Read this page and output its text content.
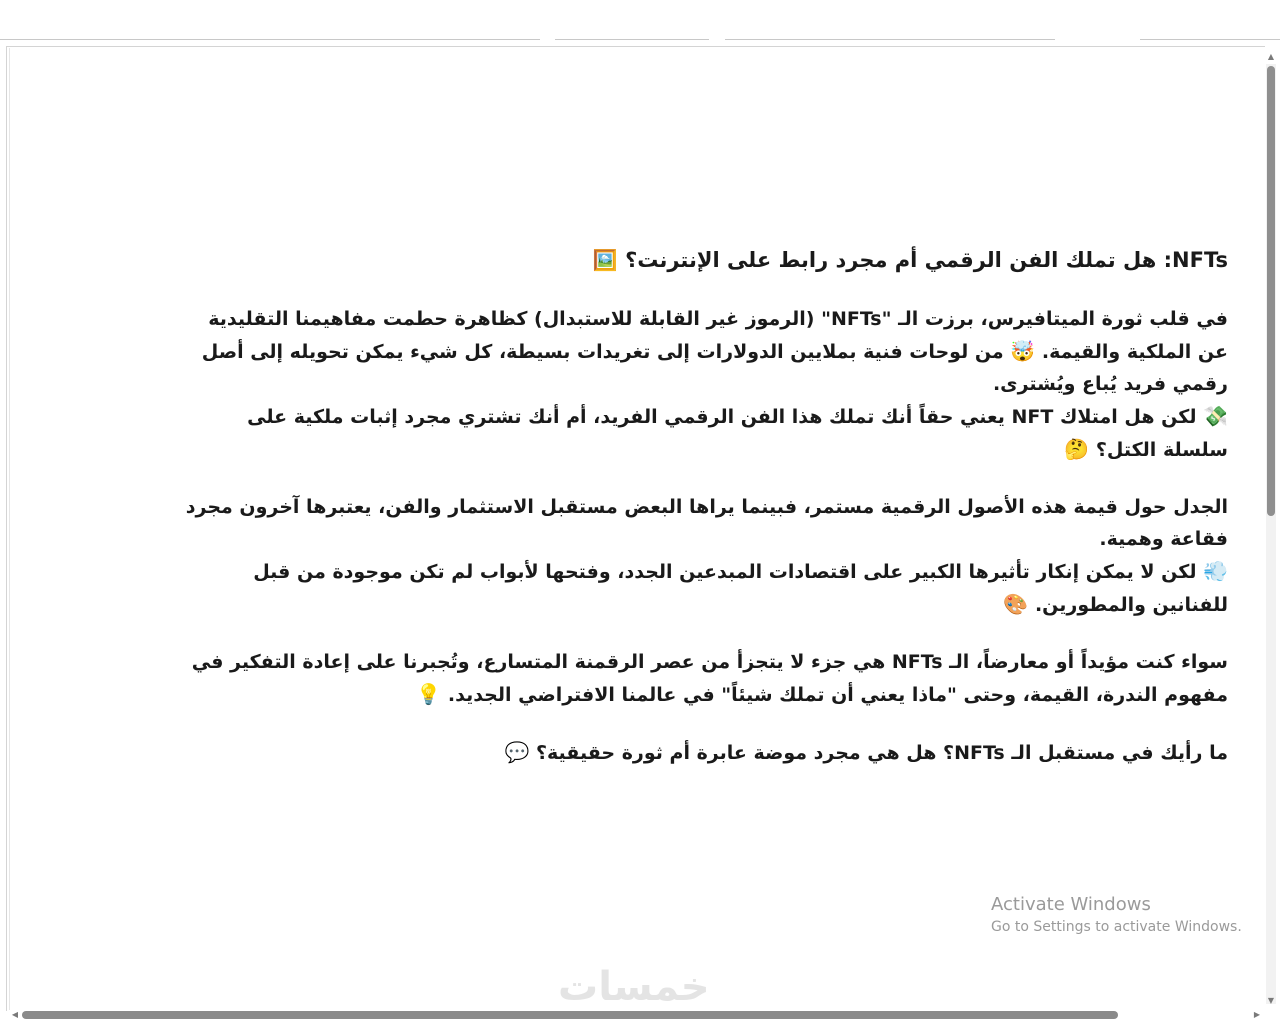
NFTs: هل تملك الفن الرقمي أم مجرد رابط على الإنترنت؟ 🖼️

في قلب ثورة الميتافيرس، برزت الـ "NFTs" (الرموز غير القابلة للاستبدال) كظاهرة حطمت مفاهيمنا التقليدية عن الملكية والقيمة. 🤯 من لوحات فنية بملايين الدولارات إلى تغريدات بسيطة، كل شيء يمكن تحويله إلى أصل رقمي فريد يُباع ويُشترى.
💸 لكن هل امتلاك NFT يعني حقاً أنك تملك هذا الفن الرقمي الفريد، أم أنك تشتري مجرد إثبات ملكية على سلسلة الكتل؟ 🤔

الجدل حول قيمة هذه الأصول الرقمية مستمر، فبينما يراها البعض مستقبل الاستثمار والفن، يعتبرها آخرون مجرد فقاعة وهمية.
💨 لكن لا يمكن إنكار تأثيرها الكبير على اقتصادات المبدعين الجدد، وفتحها لأبواب لم تكن موجودة من قبل للفنانين والمطورين. 🎨

سواء كنت مؤيداً أو معارضاً، الـ NFTs هي جزء لا يتجزأ من عصر الرقمنة المتسارع، وتُجبرنا على إعادة التفكير في مفهوم الندرة، القيمة، وحتى "ماذا يعني أن تملك شيئاً" في عالمنا الافتراضي الجديد. 💡

ما رأيك في مستقبل الـ NFTs؟ هل هي مجرد موضة عابرة أم ثورة حقيقية؟ 💬

▲
▼
◀	▶
Activate Windows
Go to Settings to activate Windows.
خمسات
